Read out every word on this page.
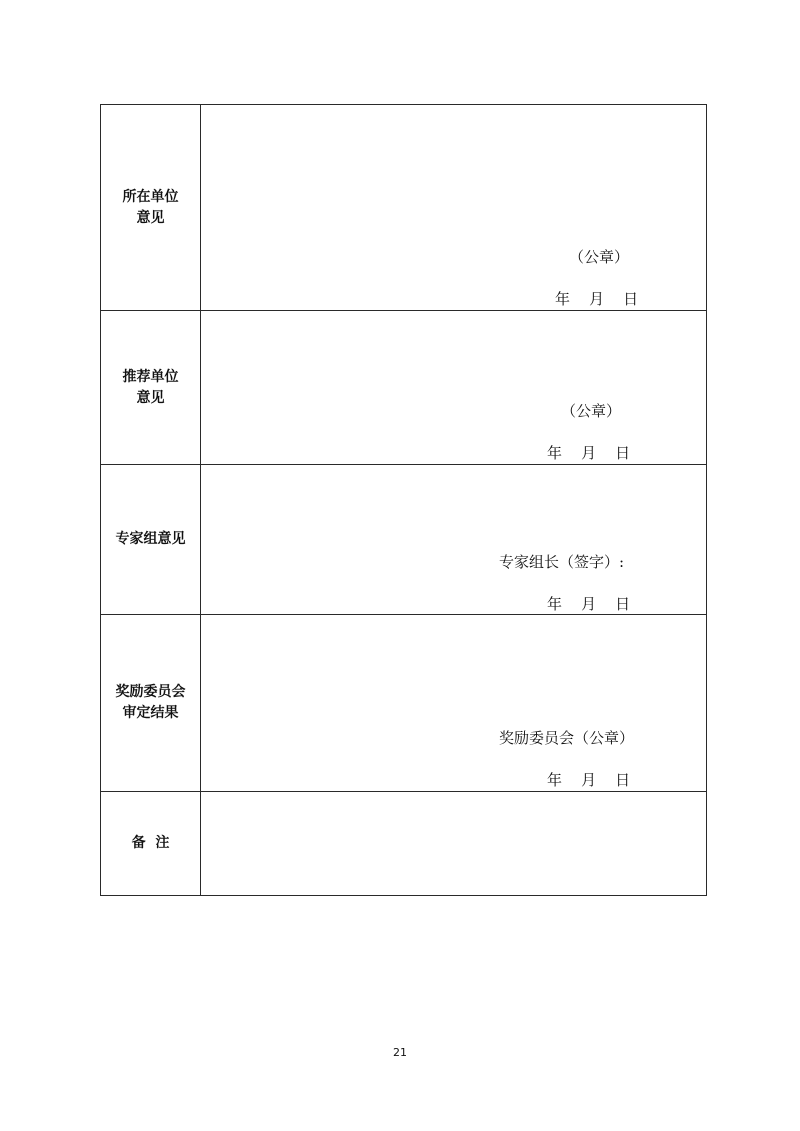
所在单位
意见	（公章）
年    月    日

推荐单位
意见	（公章）
年    月    日

专家组意见	专家组长（签字）:
年    月    日

奖励委员会
审定结果	奖励委员会（公章）
年    月    日

备  注	

21
